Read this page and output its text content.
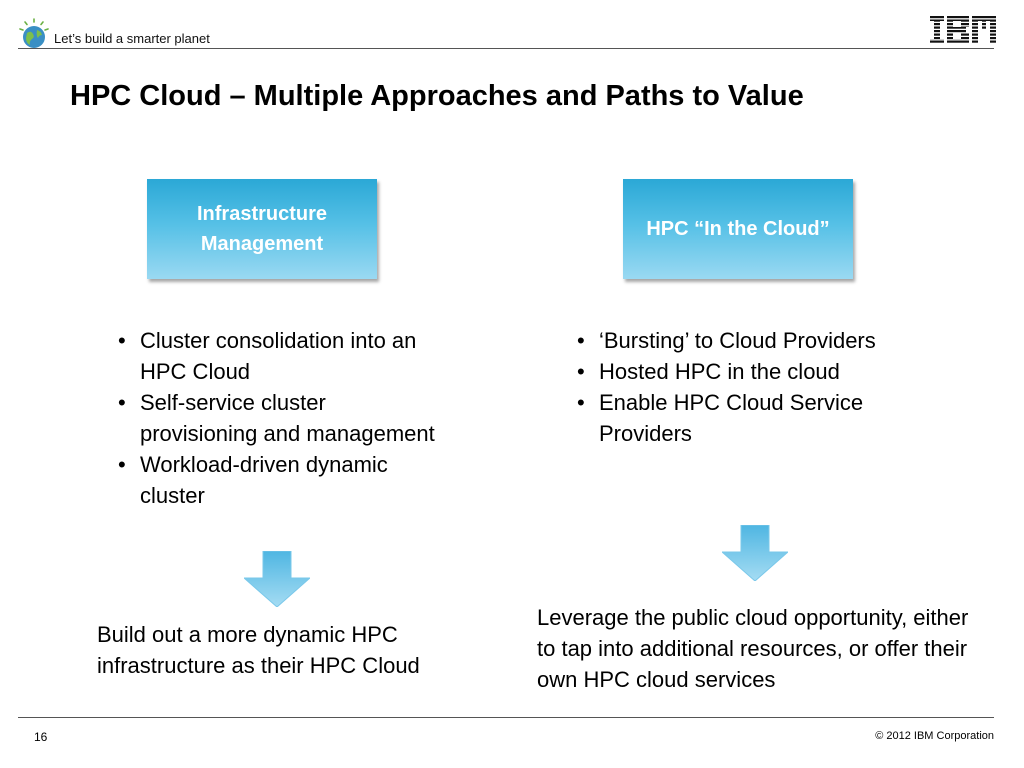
Let’s build a smarter planet
HPC Cloud – Multiple Approaches and Paths to Value
Infrastructure Management
• Cluster consolidation into an HPC Cloud
• Self-service cluster provisioning and management
• Workload-driven dynamic cluster

Build out a more dynamic HPC infrastructure as their HPC Cloud

HPC “In the Cloud”
• ‘Bursting’ to Cloud Providers
• Hosted HPC in the cloud
• Enable HPC Cloud Service Providers

Leverage the public cloud opportunity, either to tap into additional resources, or offer their own HPC cloud services

16	© 2012 IBM Corporation
